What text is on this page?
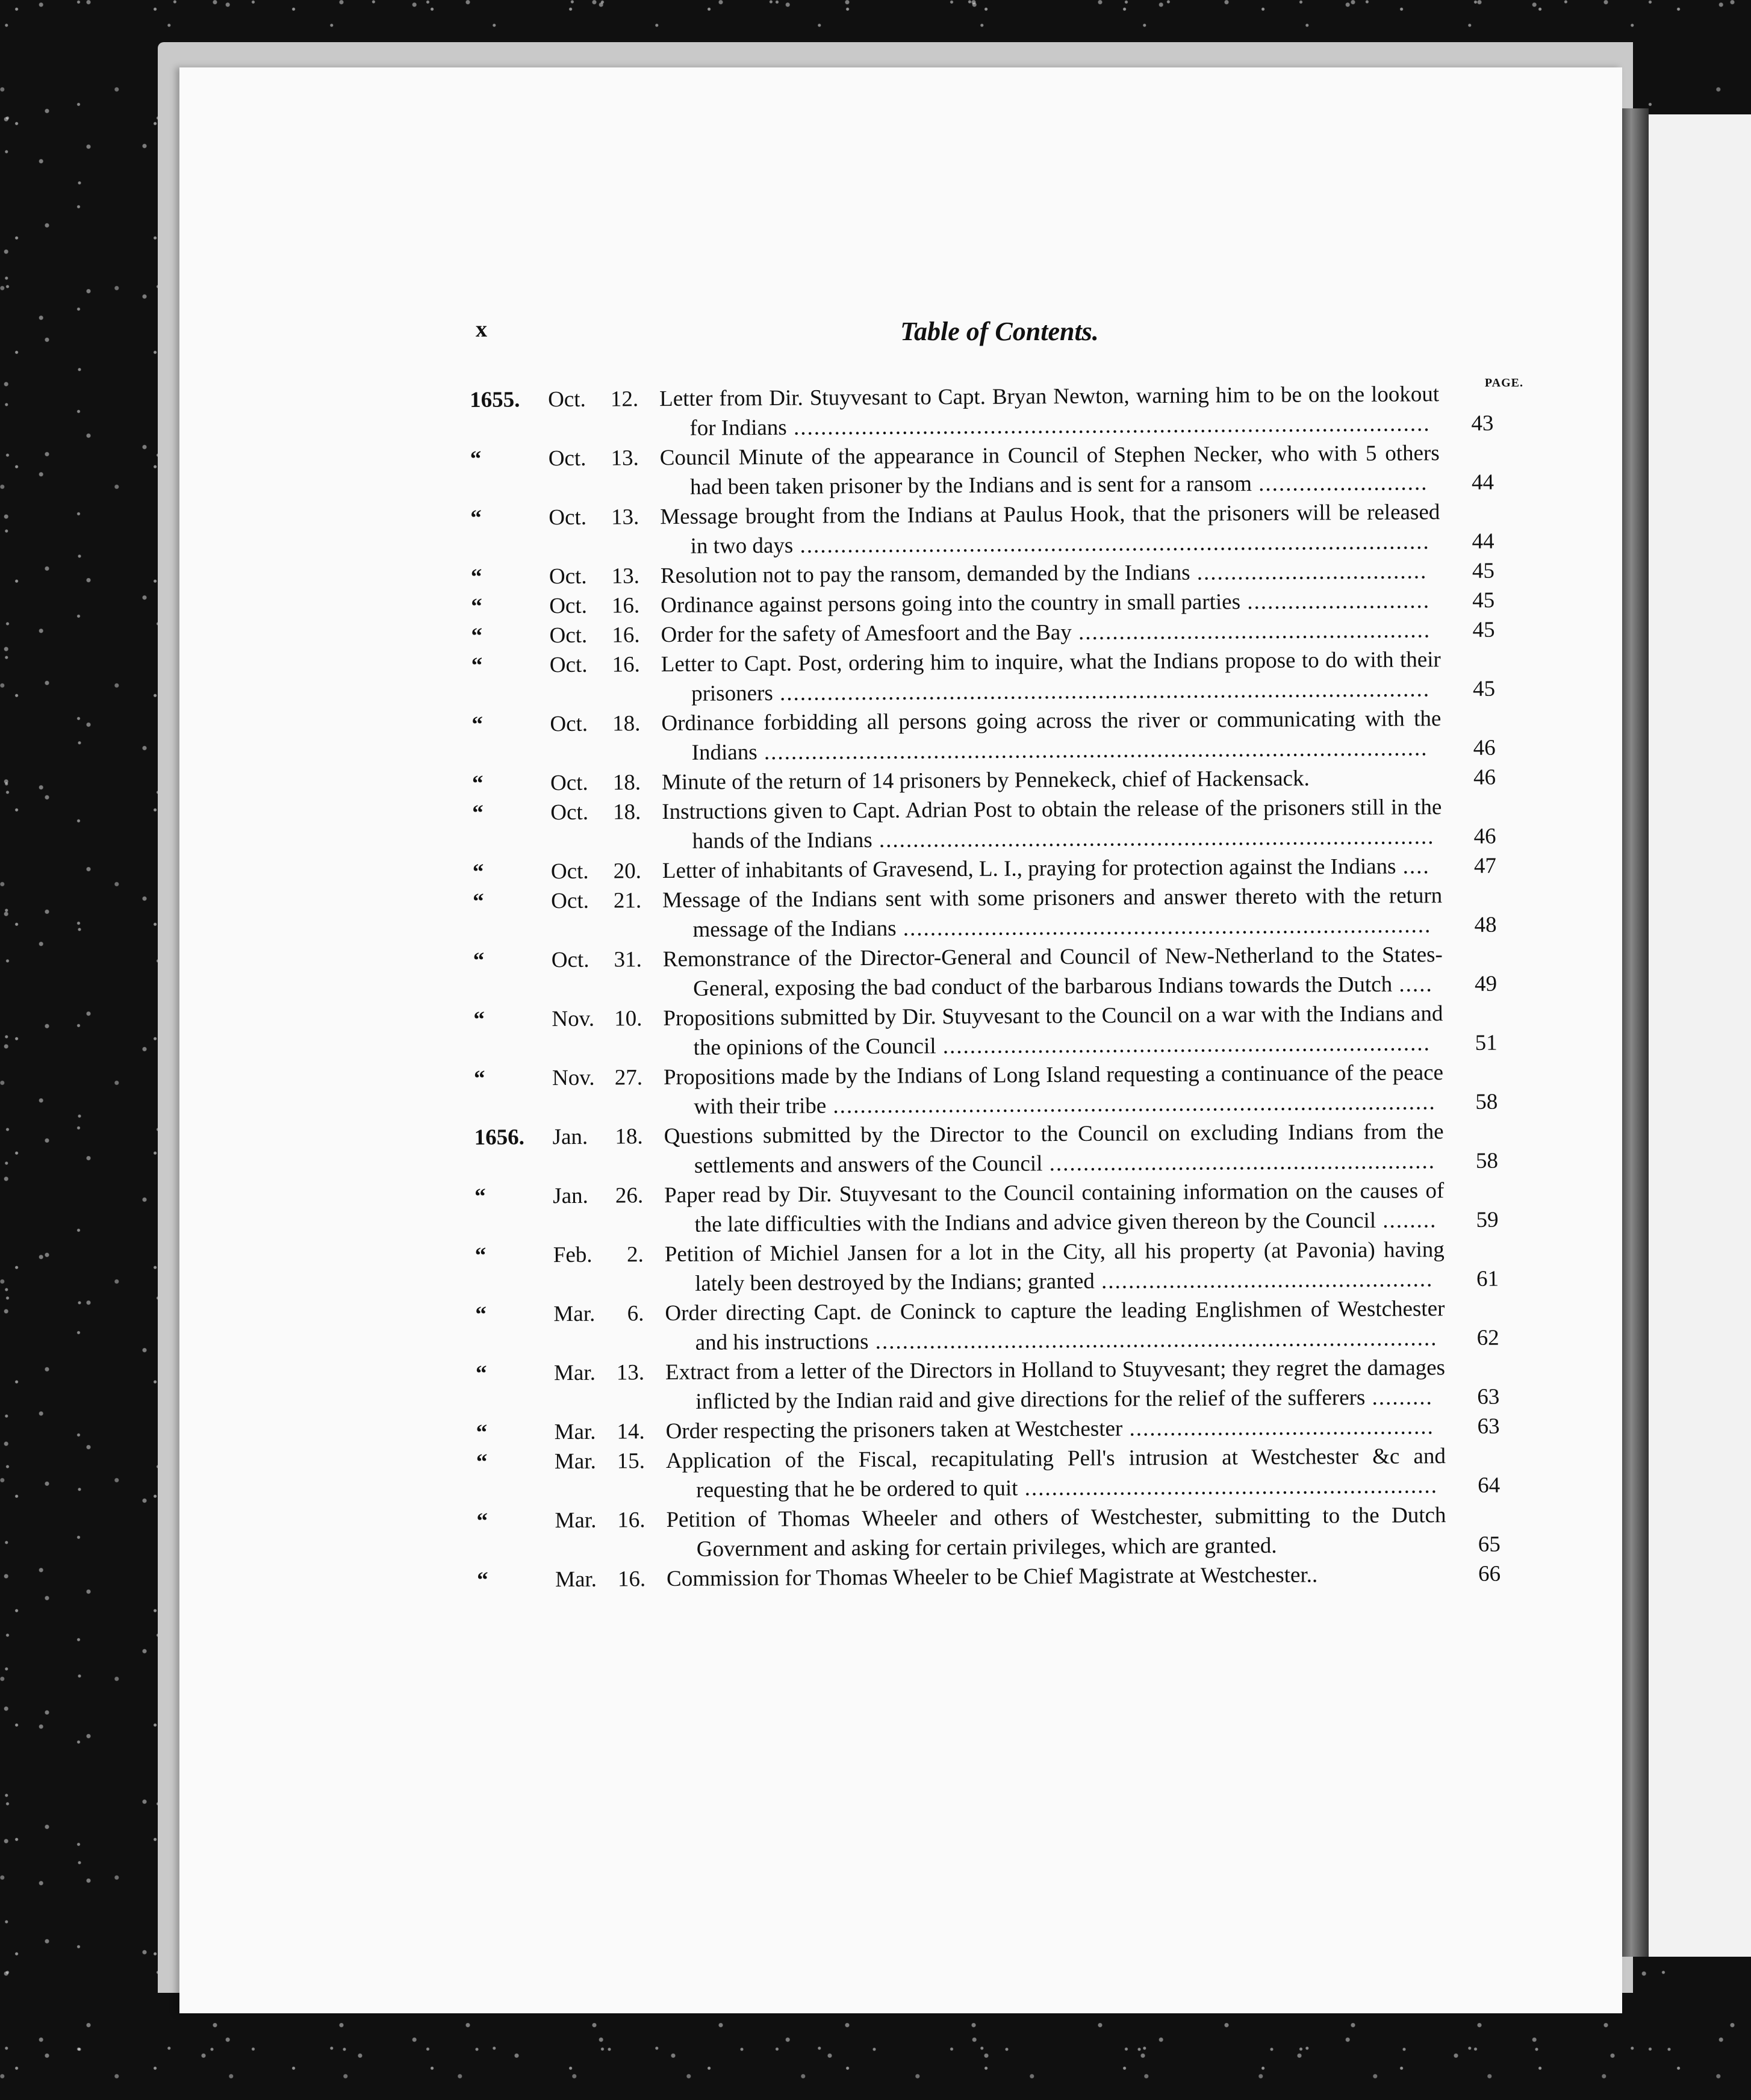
x	Table of Contents.
PAGE.
1655.	Oct.	12. Letter from Dir. Stuyvesant to Capt. Bryan Newton, warning him to be on the lookout for Indians ..............................................................................................	43
“	Oct.	13. Council Minute of the appearance in Council of Stephen Necker, who with 5 others had been taken prisoner by the Indians and is sent for a ransom .........................	44
“	Oct.	13. Message brought from the Indians at Paulus Hook, that the prisoners will be released in two days .............................................................................................	44
“	Oct.	13. Resolution not to pay the ransom, demanded by the Indians ..................................	45
“	Oct.	16. Ordinance against persons going into the country in small parties ...........................	45
“	Oct.	16. Order for the safety of Amesfoort and the Bay ....................................................	45
“	Oct.	16. Letter to Capt. Post, ordering him to inquire, what the Indians propose to do with their prisoners ................................................................................................	45
“	Oct.	18. Ordinance forbidding all persons going across the river or communicating with the Indians ..................................................................................................	46
“	Oct.	18. Minute of the return of 14 prisoners by Pennekeck, chief of Hackensack.	46
“	Oct.	18. Instructions given to Capt. Adrian Post to obtain the release of the prisoners still in the hands of the Indians ..................................................................................	46
“	Oct.	20. Letter of inhabitants of Gravesend, L. I., praying for protection against the Indians ....	47
“	Oct.	21. Message of the Indians sent with some prisoners and answer thereto with the return message of the Indians ..............................................................................	48
“	Oct.	31. Remonstrance of the Director-General and Council of New-Netherland to the States-General, exposing the bad conduct of the barbarous Indians towards the Dutch .....	49
“	Nov. 10. Propositions submitted by Dir. Stuyvesant to the Council on a war with the Indians and the opinions of the Council ........................................................................	51
“	Nov. 27. Propositions made by the Indians of Long Island requesting a continuance of the peace with their tribe .........................................................................................	58
1656.	Jan.	18. Questions submitted by the Director to the Council on excluding Indians from the settlements and answers of the Council .........................................................	58
“	Jan.	26. Paper read by Dir. Stuyvesant to the Council containing information on the causes of the late difficulties with the Indians and advice given thereon by the Council ........	59
“	Feb.	2. Petition of Michiel Jansen for a lot in the City, all his property (at Pavonia) having lately been destroyed by the Indians; granted .................................................	61
“	Mar.	6. Order directing Capt. de Coninck to capture the leading Englishmen of Westchester and his instructions ...................................................................................	62
“	Mar. 13. Extract from a letter of the Directors in Holland to Stuyvesant; they regret the damages inflicted by the Indian raid and give directions for the relief of the sufferers .........	63
“	Mar. 14. Order respecting the prisoners taken at Westchester .............................................	63
“	Mar. 15. Application of the Fiscal, recapitulating Pell's intrusion at Westchester &c and requesting that he be ordered to quit .............................................................	64
“	Mar. 16. Petition of Thomas Wheeler and others of Westchester, submitting to the Dutch Government and asking for certain privileges, which are granted.	65
“	Mar. 16. Commission for Thomas Wheeler to be Chief Magistrate at Westchester..	66
